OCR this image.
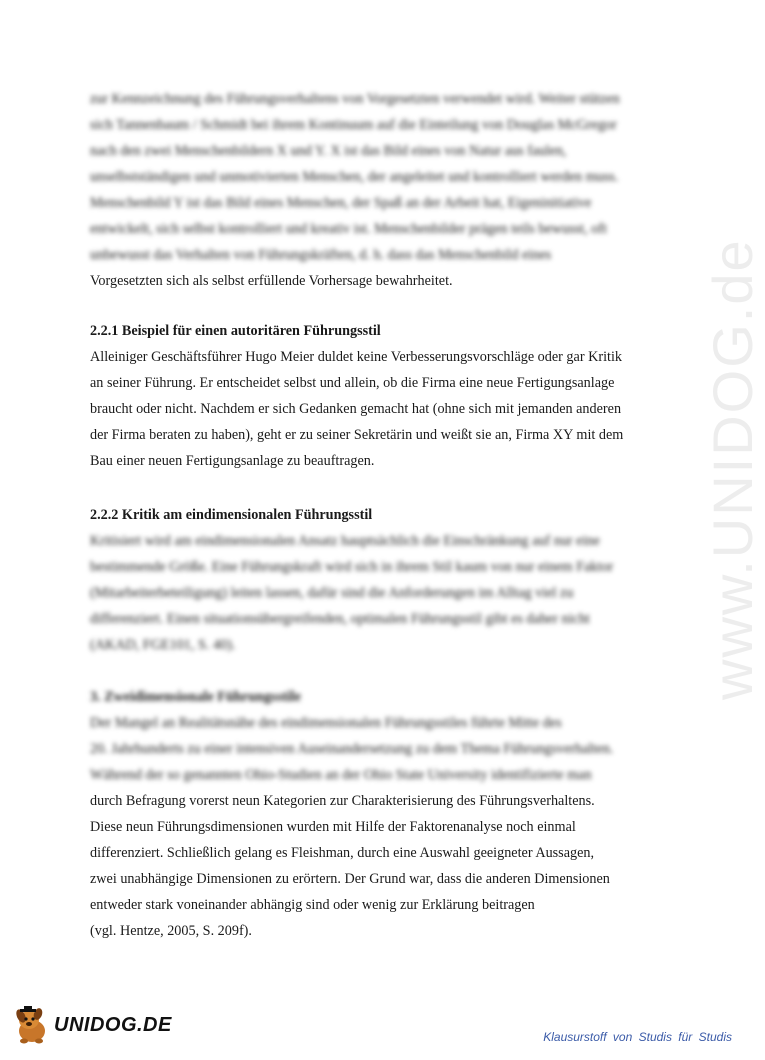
www.UNIDOG.de
zur Kennzeichnung des Führungsverhaltens von Vorgesetzten verwendet wird. Weiter stützen
sich Tannenbaum / Schmidt bei ihrem Kontinuum auf die Einteilung von Douglas McGregor
nach den zwei Menschenbildern X und Y. X ist das Bild eines von Natur aus faulen,
unselbstständigen und unmotivierten Menschen, der angeleitet und kontrolliert werden muss.
Menschenbild Y ist das Bild eines Menschen, der Spaß an der Arbeit hat, Eigeninitiative
entwickelt, sich selbst kontrolliert und kreativ ist. Menschenbilder prägen teils bewusst, oft
unbewusst das Verhalten von Führungskräften, d. h. dass das Menschenbild eines
Vorgesetzten sich als selbst erfüllende Vorhersage bewahrheitet.
2.2.1 Beispiel für einen autoritären Führungsstil
Alleiniger Geschäftsführer Hugo Meier duldet keine Verbesserungsvorschläge oder gar Kritik
an seiner Führung. Er entscheidet selbst und allein, ob die Firma eine neue Fertigungsanlage
braucht oder nicht. Nachdem er sich Gedanken gemacht hat (ohne sich mit jemanden anderen
der Firma beraten zu haben), geht er zu seiner Sekretärin und weißt sie an, Firma XY mit dem
Bau einer neuen Fertigungsanlage zu beauftragen.
2.2.2 Kritik am eindimensionalen Führungsstil
Kritisiert wird am eindimensionalen Ansatz hauptsächlich die Einschränkung auf nur eine
bestimmende Größe. Eine Führungskraft wird sich in ihrem Stil kaum von nur einem Faktor
(Mitarbeiterbeteiligung) leiten lassen, dafür sind die Anforderungen im Alltag viel zu
differenziert. Einen situationsübergreifenden, optimalen Führungsstil gibt es daher nicht
(AKAD, FGE101, S. 40).
3. Zweidimensionale Führungsstile
Der Mangel an Realitätsnähe des eindimensionalen Führungsstiles führte Mitte des
20. Jahrhunderts zu einer intensiven Auseinandersetzung zu dem Thema Führungsverhalten.
Während der so genannten Ohio-Studien an der Ohio State University identifizierte man
durch Befragung vorerst neun Kategorien zur Charakterisierung des Führungsverhaltens.
Diese neun Führungsdimensionen wurden mit Hilfe der Faktorenanalyse noch einmal
differenziert. Schließlich gelang es Fleishman, durch eine Auswahl geeigneter Aussagen,
zwei unabhängige Dimensionen zu erörtern. Der Grund war, dass die anderen Dimensionen
entweder stark voneinander abhängig sind oder wenig zur Erklärung beitragen
(vgl. Hentze, 2005, S. 209f).
UNIDOG.DE
Klausurstoff von Studis für Studis
